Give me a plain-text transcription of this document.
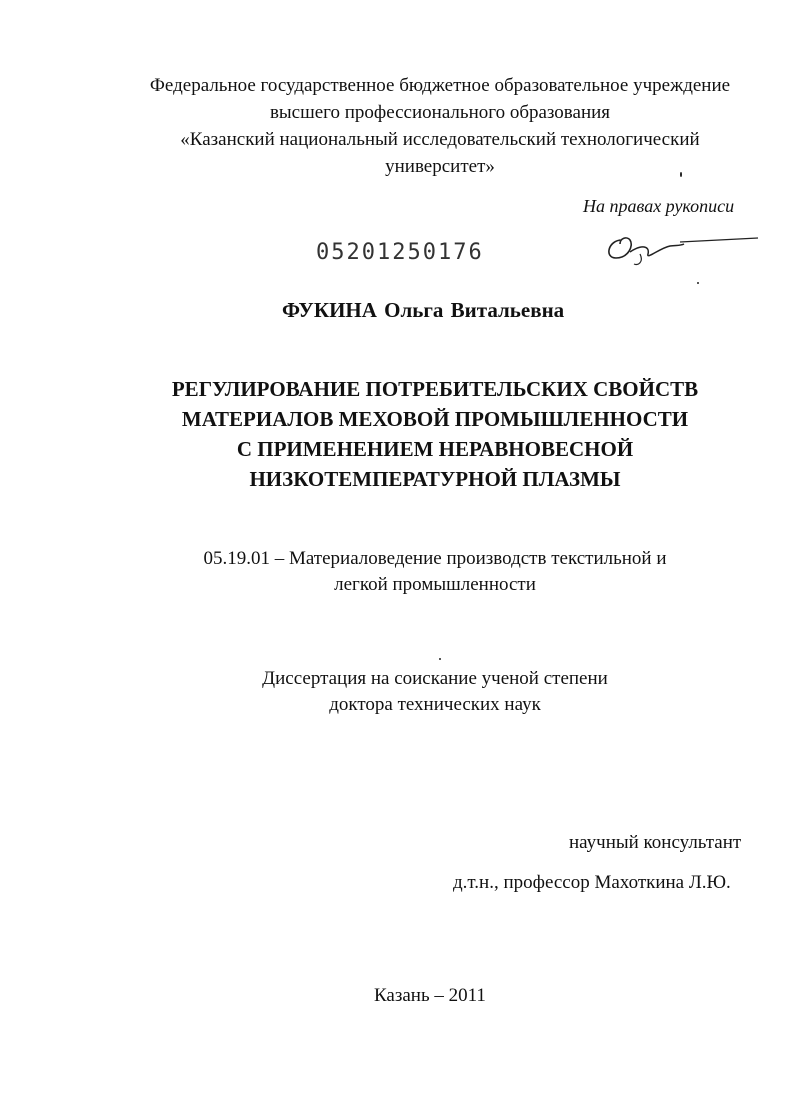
Федеральное государственное бюджетное образовательное учреждение
высшего профессионального образования
«Казанский национальный исследовательский технологический
университет»
На правах рукописи
05201250176
ФУКИНА Ольга Витальевна
РЕГУЛИРОВАНИЕ ПОТРЕБИТЕЛЬСКИХ СВОЙСТВ
МАТЕРИАЛОВ МЕХОВОЙ ПРОМЫШЛЕННОСТИ
С ПРИМЕНЕНИЕМ НЕРАВНОВЕСНОЙ
НИЗКОТЕМПЕРАТУРНОЙ ПЛАЗМЫ
05.19.01 – Материаловедение производств текстильной и
легкой промышленности
Диссертация на соискание ученой степени
доктора технических наук
научный консультант
д.т.н., профессор Махоткина Л.Ю.
Казань – 2011
